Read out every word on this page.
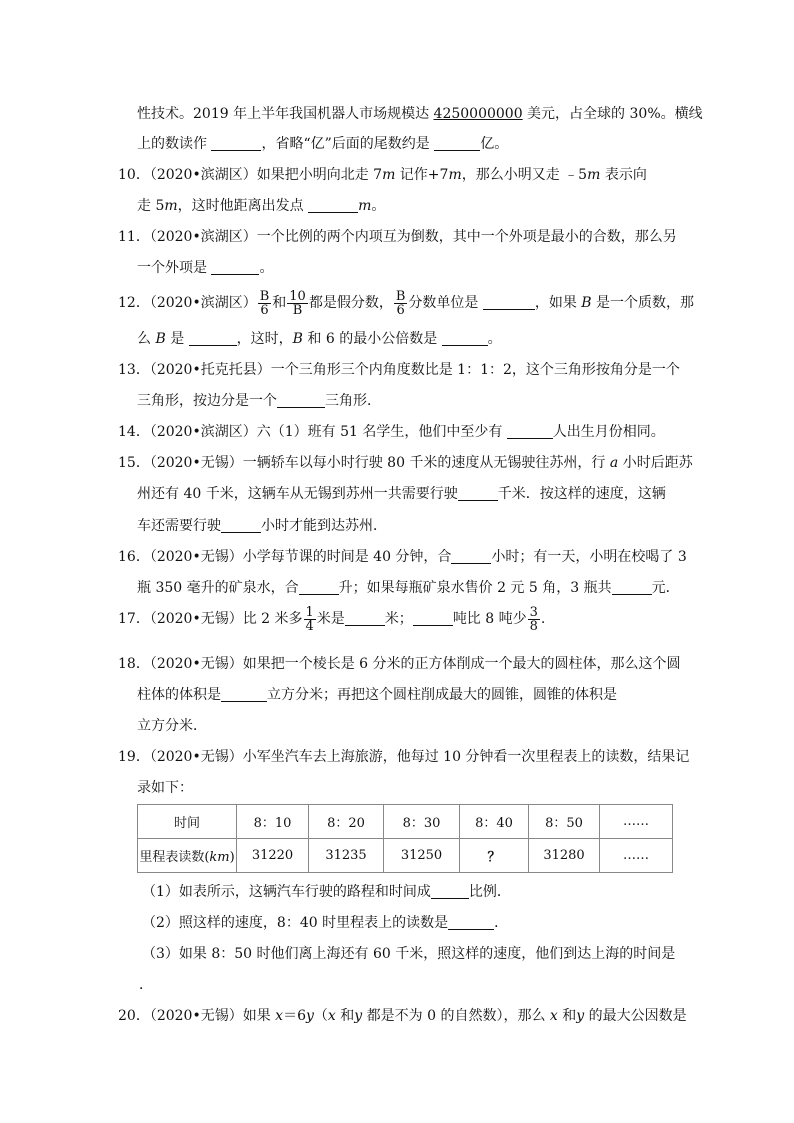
性技术。2019 年上半年我国机器人市场规模达 4250000000 美元，占全球的 30%。横线
上的数读作	，省略“亿”后面的尾数约是	亿。
10．（2020•滨湖区）如果把小明向北走 7m 记作+7m，那么小明又走 ﹣5m 表示向
走 5m，这时他距离出发点	m。
11．（2020•滨湖区）一个比例的两个内项互为倒数，其中一个外项是最小的合数，那么另
一个外项是	。
12．（2020•滨湖区） $\frac{B}{6}$ 和 $\frac{10}{B}$ 都是假分数， $\frac{B}{6}$ 分数单位是	，如果 B 是一个质数，那
么 B 是	，这时，B 和 6 的最小公倍数是	。
13．（2020•托克托县）一个三角形三个内角度数比是 1：1：2，这个三角形按角分是一个
三角形，按边分是一个	三角形．
14．（2020•滨湖区）六（1）班有 51 名学生，他们中至少有	人出生月份相同。
15．（2020•无锡）一辆轿车以每小时行驶 80 千米的速度从无锡驶往苏州，行 a 小时后距苏
州还有 40 千米，这辆车从无锡到苏州一共需要行驶	千米．按这样的速度，这辆
车还需要行驶	小时才能到达苏州．
16．（2020•无锡）小学每节课的时间是 40 分钟，合	小时；有一天，小明在校喝了 3
瓶 350 毫升的矿泉水，合	升；如果每瓶矿泉水售价 2 元 5 角，3 瓶共	元．
17．（2020•无锡）比 2 米多 $\frac{1}{4}$ 米是	米；	吨比 8 吨少 $\frac{3}{8}$ .
18．（2020•无锡）如果把一个棱长是 6 分米的正方体削成一个最大的圆柱体，那么这个圆
柱体的体积是	立方分米；再把这个圆柱削成最大的圆锥，圆锥的体积是
立方分米．
19．（2020•无锡）小军坐汽车去上海旅游，他每过 10 分钟看一次里程表上的读数，结果记
录如下：
时间	8：10	8：20	8：30	8：40	8：50	……
里程表读数(km)	31220	31235	31250	？	31280	……
（1）如表所示，这辆汽车行驶的路程和时间成	比例．
（2）照这样的速度，8：40 时里程表上的读数是	．
（3）如果 8：50 时他们离上海还有 60 千米，照这样的速度，他们到达上海的时间是
．
20．（2020•无锡）如果 x＝6y（x 和y 都是不为 0 的自然数），那么 x 和y 的最大公因数是
